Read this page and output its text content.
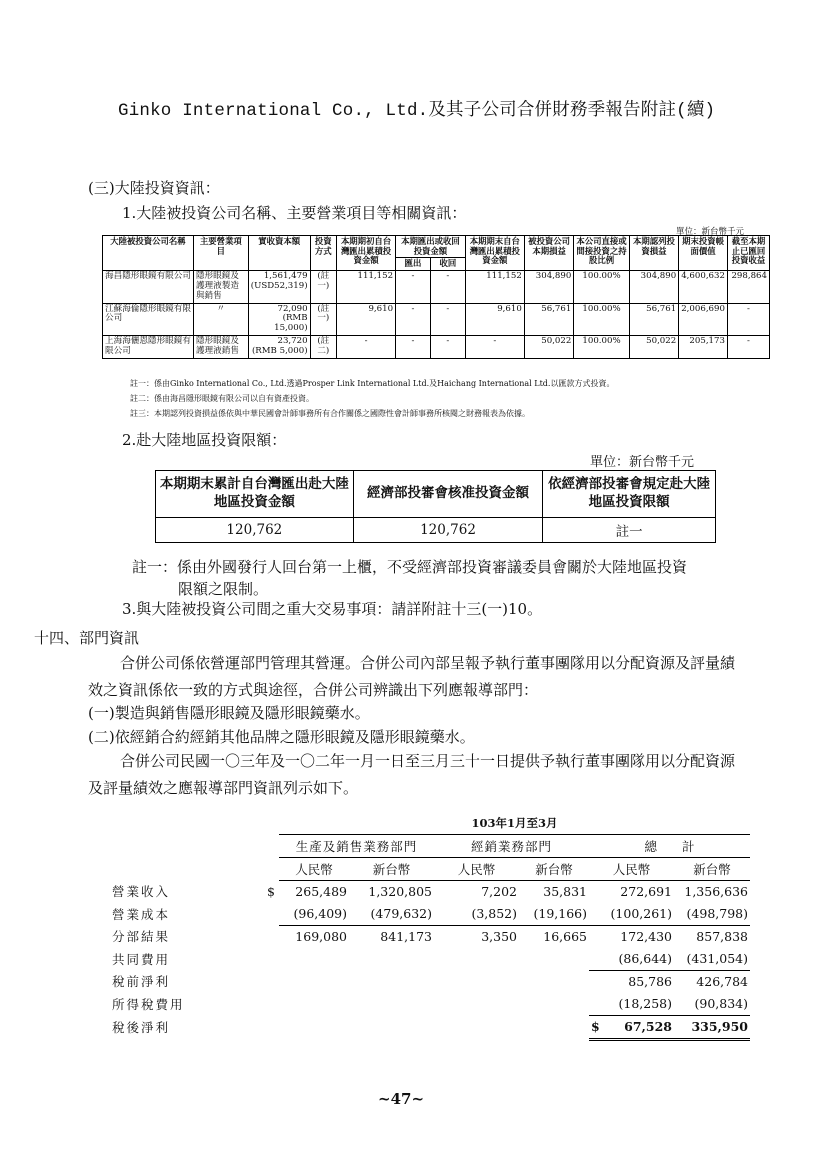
Ginko International Co., Ltd.及其子公司合併財務季報告附註(續)
(三)大陸投資資訊：
1.大陸被投資公司名稱、主要營業項目等相關資訊：
單位：新台幣千元
大陸被投資公司名稱	主要營業項目	實收資本額	投資方式	本期期初自台灣匯出累積投資金額	本期匯出或收回投資金額		本期期末自台灣匯出累積投資金額	被投資公司本期損益	本公司直接或間接投資之持股比例	本期認列投資損益	期末投資帳面價值	截至本期止已匯回投資收益
					匯出	收回						
海昌隱形眼鏡有限公司	隱形眼鏡及護理液製造與銷售	1,561,479 (USD52,319)	(註一)	111,152	-	-	111,152	304,890	100.00%	304,890	4,600,632	298,864
江蘇海倫隱形眼鏡有限公司	〃	72,090 (RMB 15,000)	(註一)	9,610	-	-	9,610	56,761	100.00%	56,761	2,006,690	-
上海海儷恩隱形眼鏡有限公司	隱形眼鏡及護理液銷售	23,720 (RMB 5,000)	(註二)	-	-	-	-	50,022	100.00%	50,022	205,173	-
註一：係由Ginko International Co., Ltd.透過Prosper Link International Ltd.及Haichang International Ltd.以匯款方式投資。
註二：係由海昌隱形眼鏡有限公司以自有資產投資。
註三：本期認列投資損益係依與中華民國會計師事務所有合作關係之國際性會計師事務所核閱之財務報表為依據。
2.赴大陸地區投資限額：
單位：新台幣千元
本期期末累計自台灣匯出赴大陸地區投資金額	經濟部投審會核准投資金額	依經濟部投審會規定赴大陸地區投資限額
120,762	120,762	註一
註一：係由外國發行人回台第一上櫃，不受經濟部投資審議委員會關於大陸地區投資
限額之限制。
3.與大陸被投資公司間之重大交易事項：請詳附註十三(一)10。
十四、部門資訊
合併公司係依營運部門管理其營運。合併公司內部呈報予執行董事團隊用以分配資源及評量績效之資訊係依一致的方式與途徑，合併公司辨識出下列應報導部門：
(一)製造與銷售隱形眼鏡及隱形眼鏡藥水。
(二)依經銷合約經銷其他品牌之隱形眼鏡及隱形眼鏡藥水。
合併公司民國一〇三年及一〇二年一月一日至三月三十一日提供予執行董事團隊用以分配資源及評量績效之應報導部門資訊列示如下。
		103年1月至3月					
		生產及銷售業務部門		經銷業務部門		總　　計	
		人民幣	新台幣	人民幣	新台幣	人民幣	新台幣
營業收入	$	265,489	1,320,805	7,202	35,831	272,691	1,356,636
營業成本		(96,409)	(479,632)	(3,852)	(19,166)	(100,261)	(498,798)
分部結果		169,080	841,173	3,350	16,665	172,430	857,838
共同費用						(86,644)	(431,054)
稅前淨利						85,786	426,784
所得稅費用						(18,258)	(90,834)
稅後淨利						$ 67,528	335,950
~47~
